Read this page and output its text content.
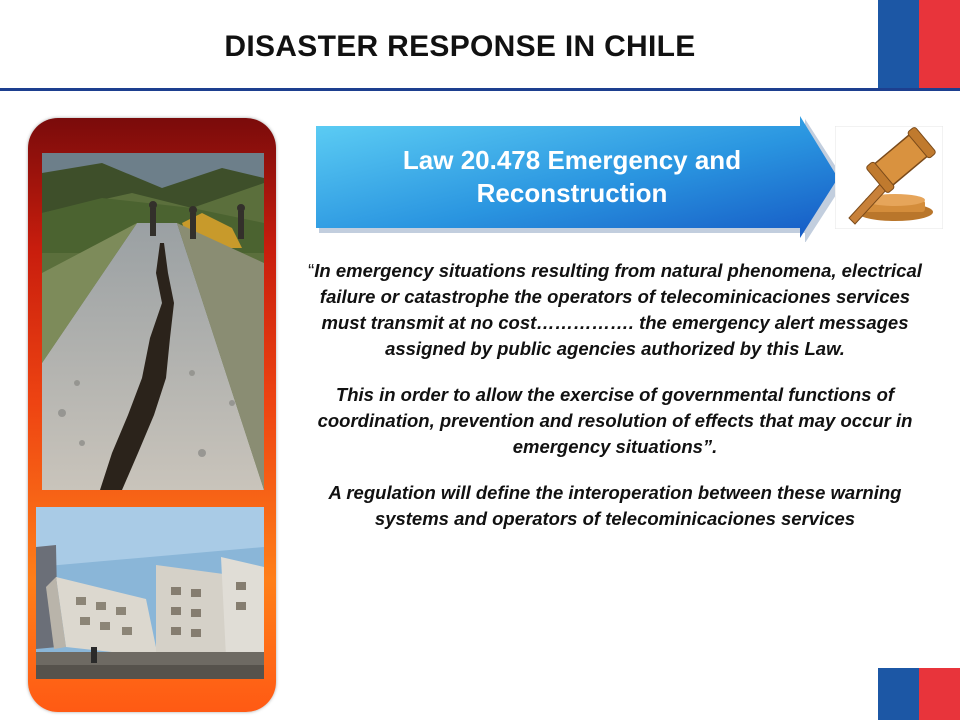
DISASTER RESPONSE IN CHILE
Law 20.478 Emergency and
Reconstruction

“In emergency situations resulting from natural phenomena, electrical failure or catastrophe the operators of telecominicaciones services must transmit at no cost……………. the emergency alert messages assigned by public agencies authorized by this Law.

This in order to allow the exercise of governmental functions of coordination, prevention and resolution of effects that may occur in emergency situations”.

A regulation will define the interoperation between these warning systems and operators of telecominicaciones services
